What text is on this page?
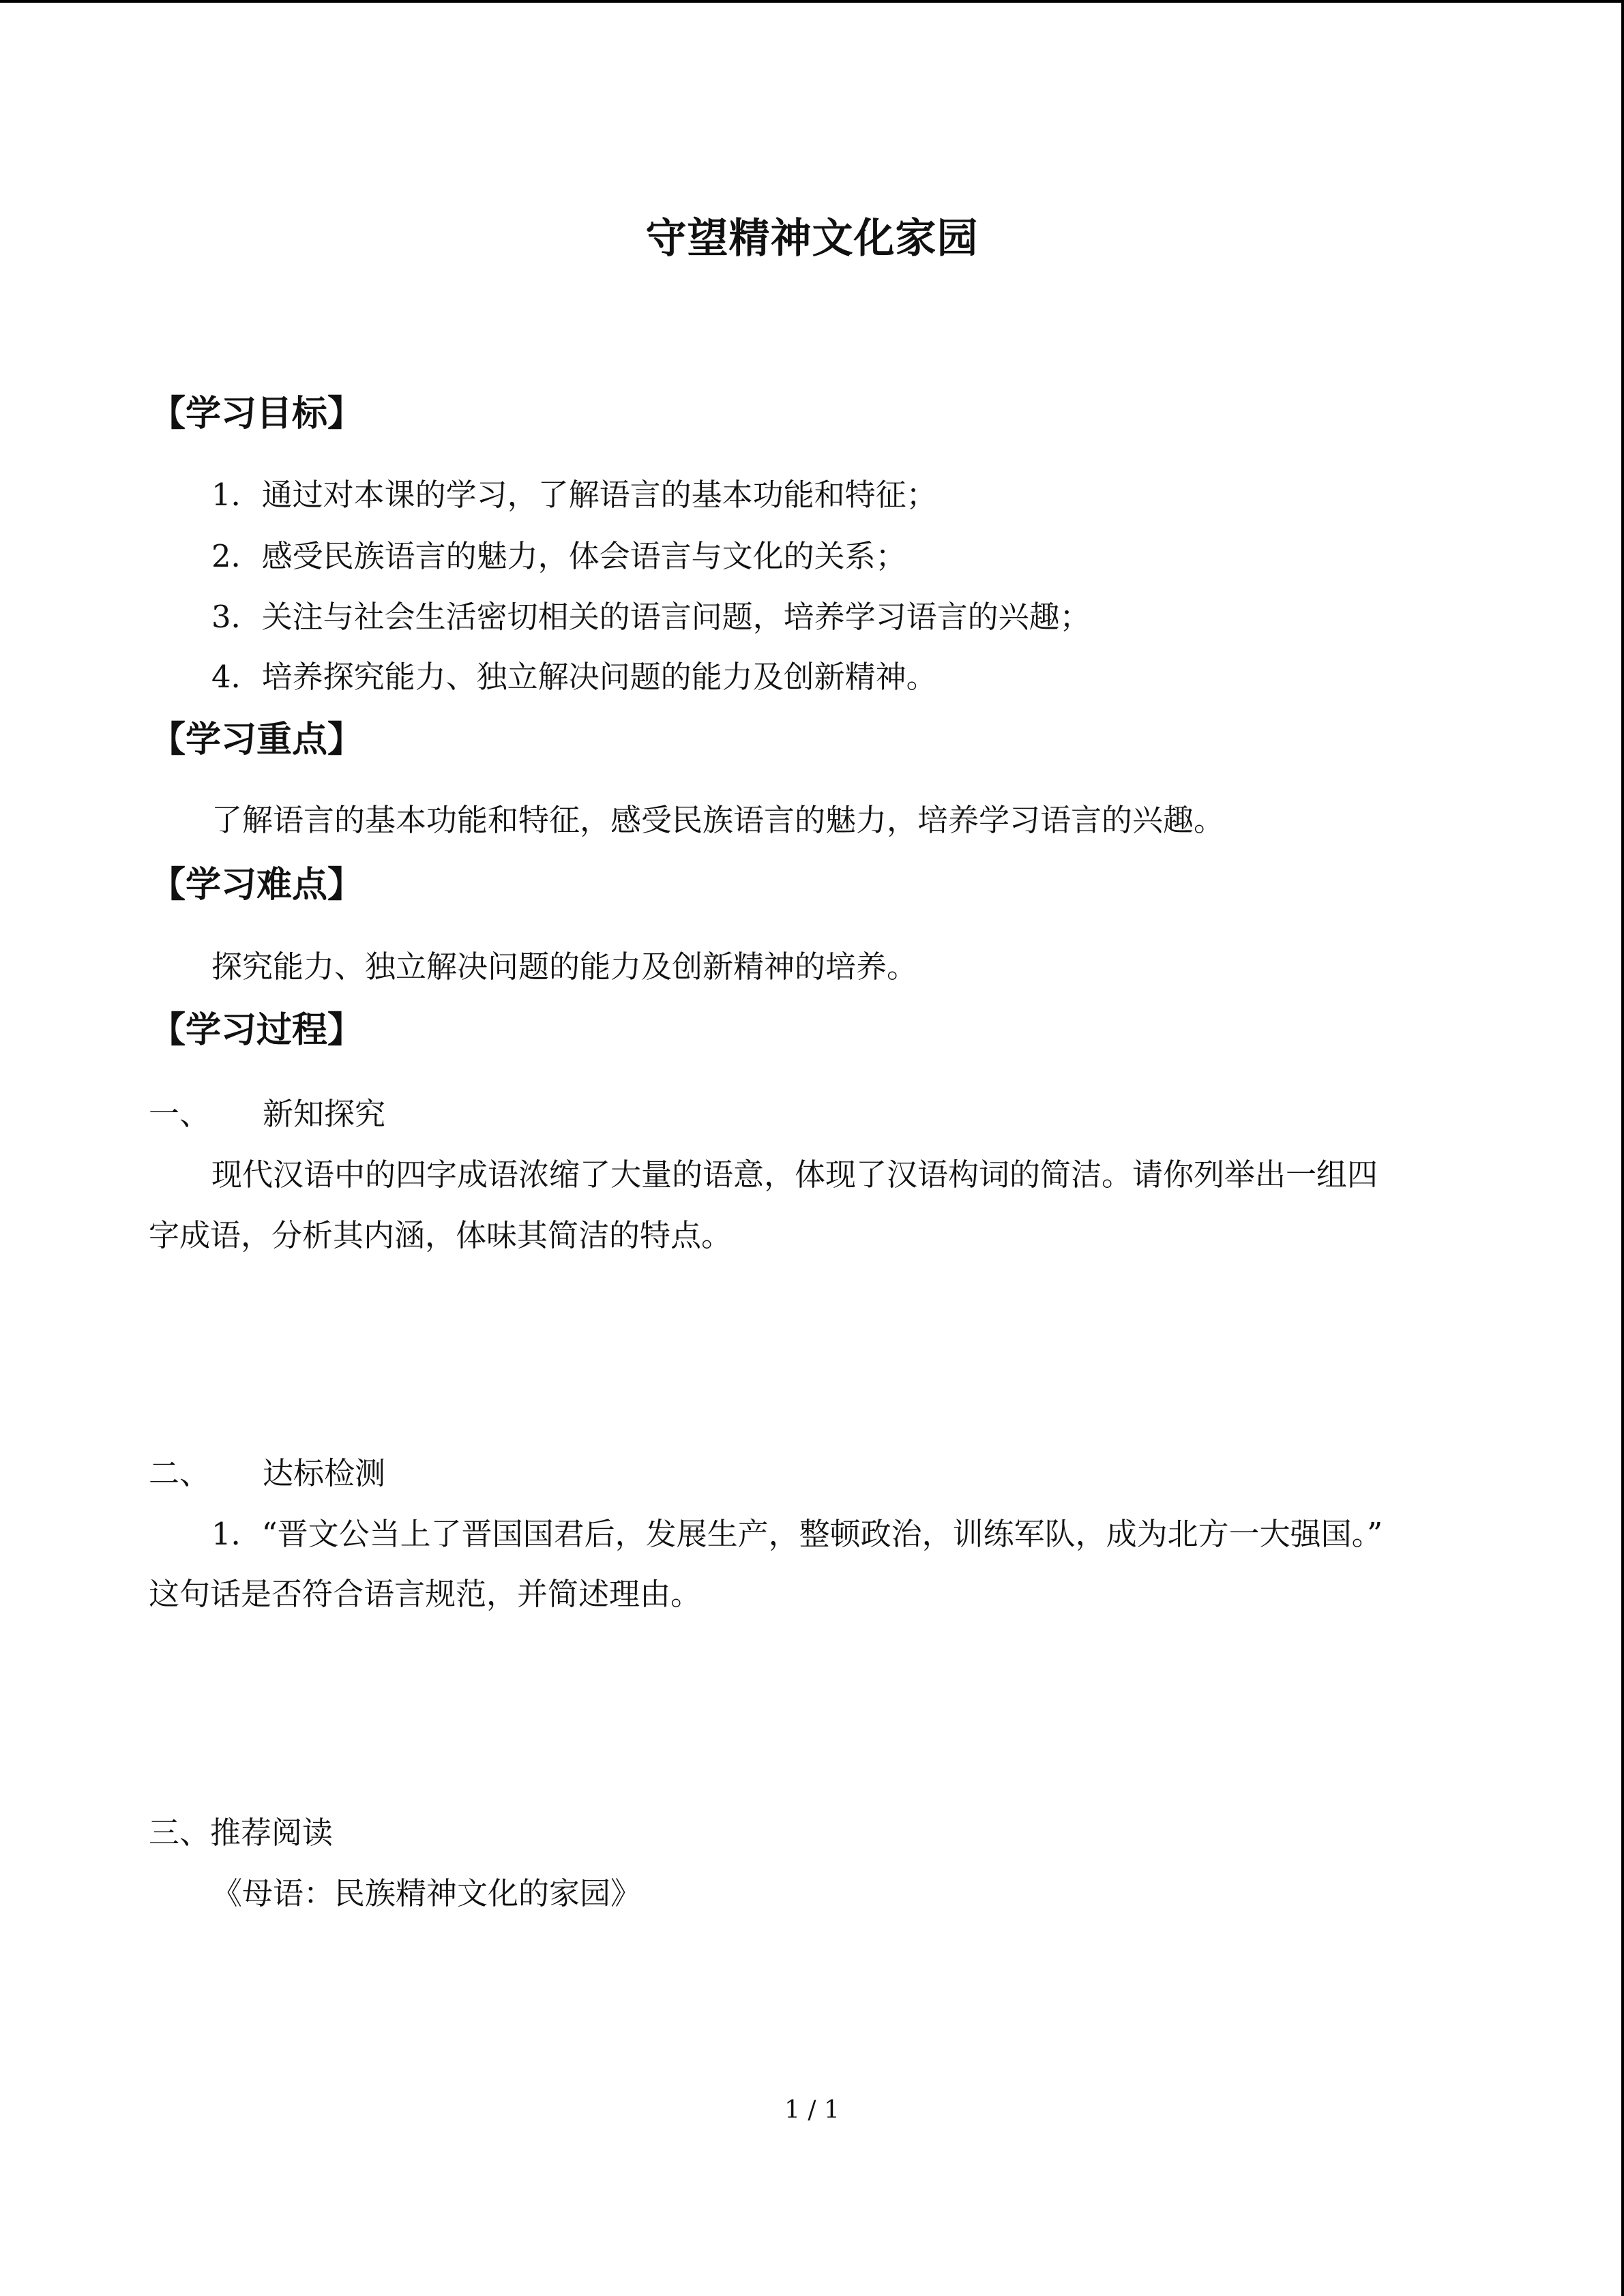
守望精神文化家园
【学习目标】
1．通过对本课的学习，了解语言的基本功能和特征；
2．感受民族语言的魅力，体会语言与文化的关系；
3．关注与社会生活密切相关的语言问题，培养学习语言的兴趣；
4．培养探究能力、独立解决问题的能力及创新精神。
【学习重点】
了解语言的基本功能和特征，感受民族语言的魅力，培养学习语言的兴趣。
【学习难点】
探究能力、独立解决问题的能力及创新精神的培养。
【学习过程】
一、 新知探究
现代汉语中的四字成语浓缩了大量的语意，体现了汉语构词的简洁。请你列举出一组四
字成语，分析其内涵，体味其简洁的特点。
二、 达标检测
1．“晋文公当上了晋国国君后，发展生产，整顿政治，训练军队，成为北方一大强国。”
这句话是否符合语言规范，并简述理由。
三、推荐阅读
《母语：民族精神文化的家园》
1 / 1
